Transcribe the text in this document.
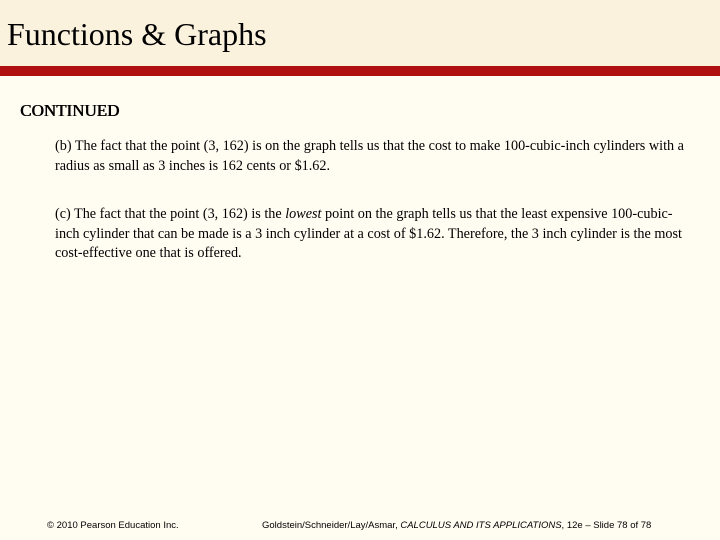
Functions & Graphs
CONTINUED
(b) The fact that the point (3, 162) is on the graph tells us that the cost to make 100-cubic-inch cylinders with a radius as small as 3 inches is 162 cents or $1.62.
(c) The fact that the point (3, 162) is the lowest point on the graph tells us that the least expensive 100-cubic-inch cylinder that can be made is a 3 inch cylinder at a cost of $1.62. Therefore, the 3 inch cylinder is the most cost-effective one that is offered.
© 2010 Pearson Education Inc.	Goldstein/Schneider/Lay/Asmar, CALCULUS AND ITS APPLICATIONS, 12e – Slide 78 of 78
